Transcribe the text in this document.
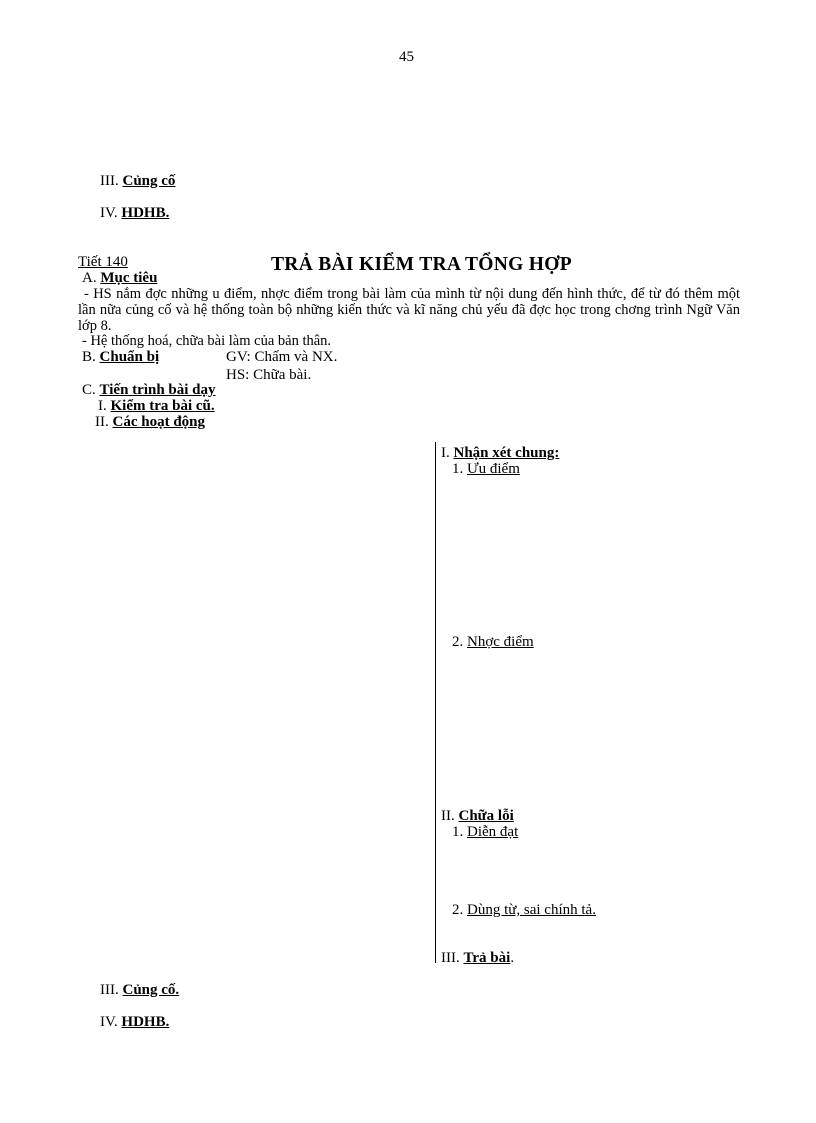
45
III. Củng cố
IV. HDHB.
Tiết 140	TRẢ BÀI KIỂM TRA TỔNG HỢP
A. Mục tiêu
- HS nắm đợc những u điểm, nhợc điểm trong bài làm của mình từ nội dung đến hình thức, để từ đó thêm một lần nữa củng cố và hệ thống toàn bộ những kiến thức và kĩ năng chủ yếu đã đợc học trong chơng trình Ngữ Văn lớp 8.
- Hệ thống hoá, chữa bài làm của bản thân.
B. Chuẩn bị	GV: Chấm và NX.
HS: Chữa bài.
C. Tiến trình bài dạy
I. Kiểm tra bài cũ.
II. Các hoạt động
I. Nhận xét chung:
1. Ưu điểm
2. Nhợc điểm
II. Chữa lỗi
1. Diễn đạt
2. Dùng từ, sai chính tả.
III. Trả bài.
III. Củng cố.
IV. HDHB.
